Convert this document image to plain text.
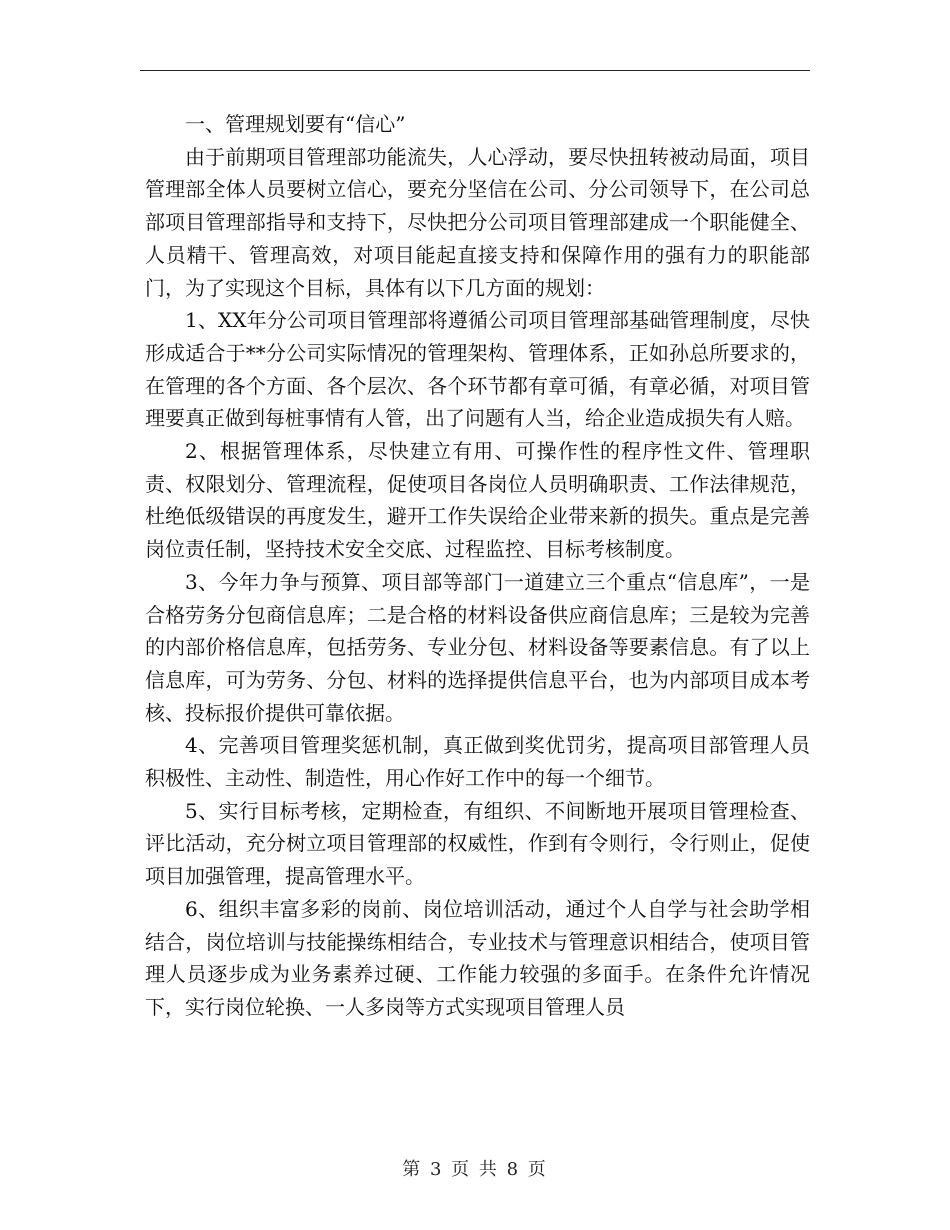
一、管理规划要有“信心”

由于前期项目管理部功能流失，人心浮动，要尽快扭转被动局面，项目管理部全体人员要树立信心，要充分坚信在公司、分公司领导下，在公司总部项目管理部指导和支持下，尽快把分公司项目管理部建成一个职能健全、人员精干、管理高效，对项目能起直接支持和保障作用的强有力的职能部门，为了实现这个目标，具体有以下几方面的规划：

1、XX年分公司项目管理部将遵循公司项目管理部基础管理制度，尽快形成适合于**分公司实际情况的管理架构、管理体系，正如孙总所要求的，在管理的各个方面、各个层次、各个环节都有章可循，有章必循，对项目管理要真正做到每桩事情有人管，出了问题有人当，给企业造成损失有人赔。

2、根据管理体系，尽快建立有用、可操作性的程序性文件、管理职责、权限划分、管理流程，促使项目各岗位人员明确职责、工作法律规范，杜绝低级错误的再度发生，避开工作失误给企业带来新的损失。重点是完善岗位责任制，坚持技术安全交底、过程监控、目标考核制度。

3、今年力争与预算、项目部等部门一道建立三个重点“信息库”，一是合格劳务分包商信息库；二是合格的材料设备供应商信息库；三是较为完善的内部价格信息库，包括劳务、专业分包、材料设备等要素信息。有了以上信息库，可为劳务、分包、材料的选择提供信息平台，也为内部项目成本考核、投标报价提供可靠依据。

4、完善项目管理奖惩机制，真正做到奖优罚劣，提高项目部管理人员积极性、主动性、制造性，用心作好工作中的每一个细节。

5、实行目标考核，定期检查，有组织、不间断地开展项目管理检查、评比活动，充分树立项目管理部的权威性，作到有令则行，令行则止，促使项目加强管理，提高管理水平。

6、组织丰富多彩的岗前、岗位培训活动，通过个人自学与社会助学相结合，岗位培训与技能操练相结合，专业技术与管理意识相结合，使项目管理人员逐步成为业务素养过硬、工作能力较强的多面手。在条件允许情况下，实行岗位轮换、一人多岗等方式实现项目管理人员

第 3 页 共 8 页
